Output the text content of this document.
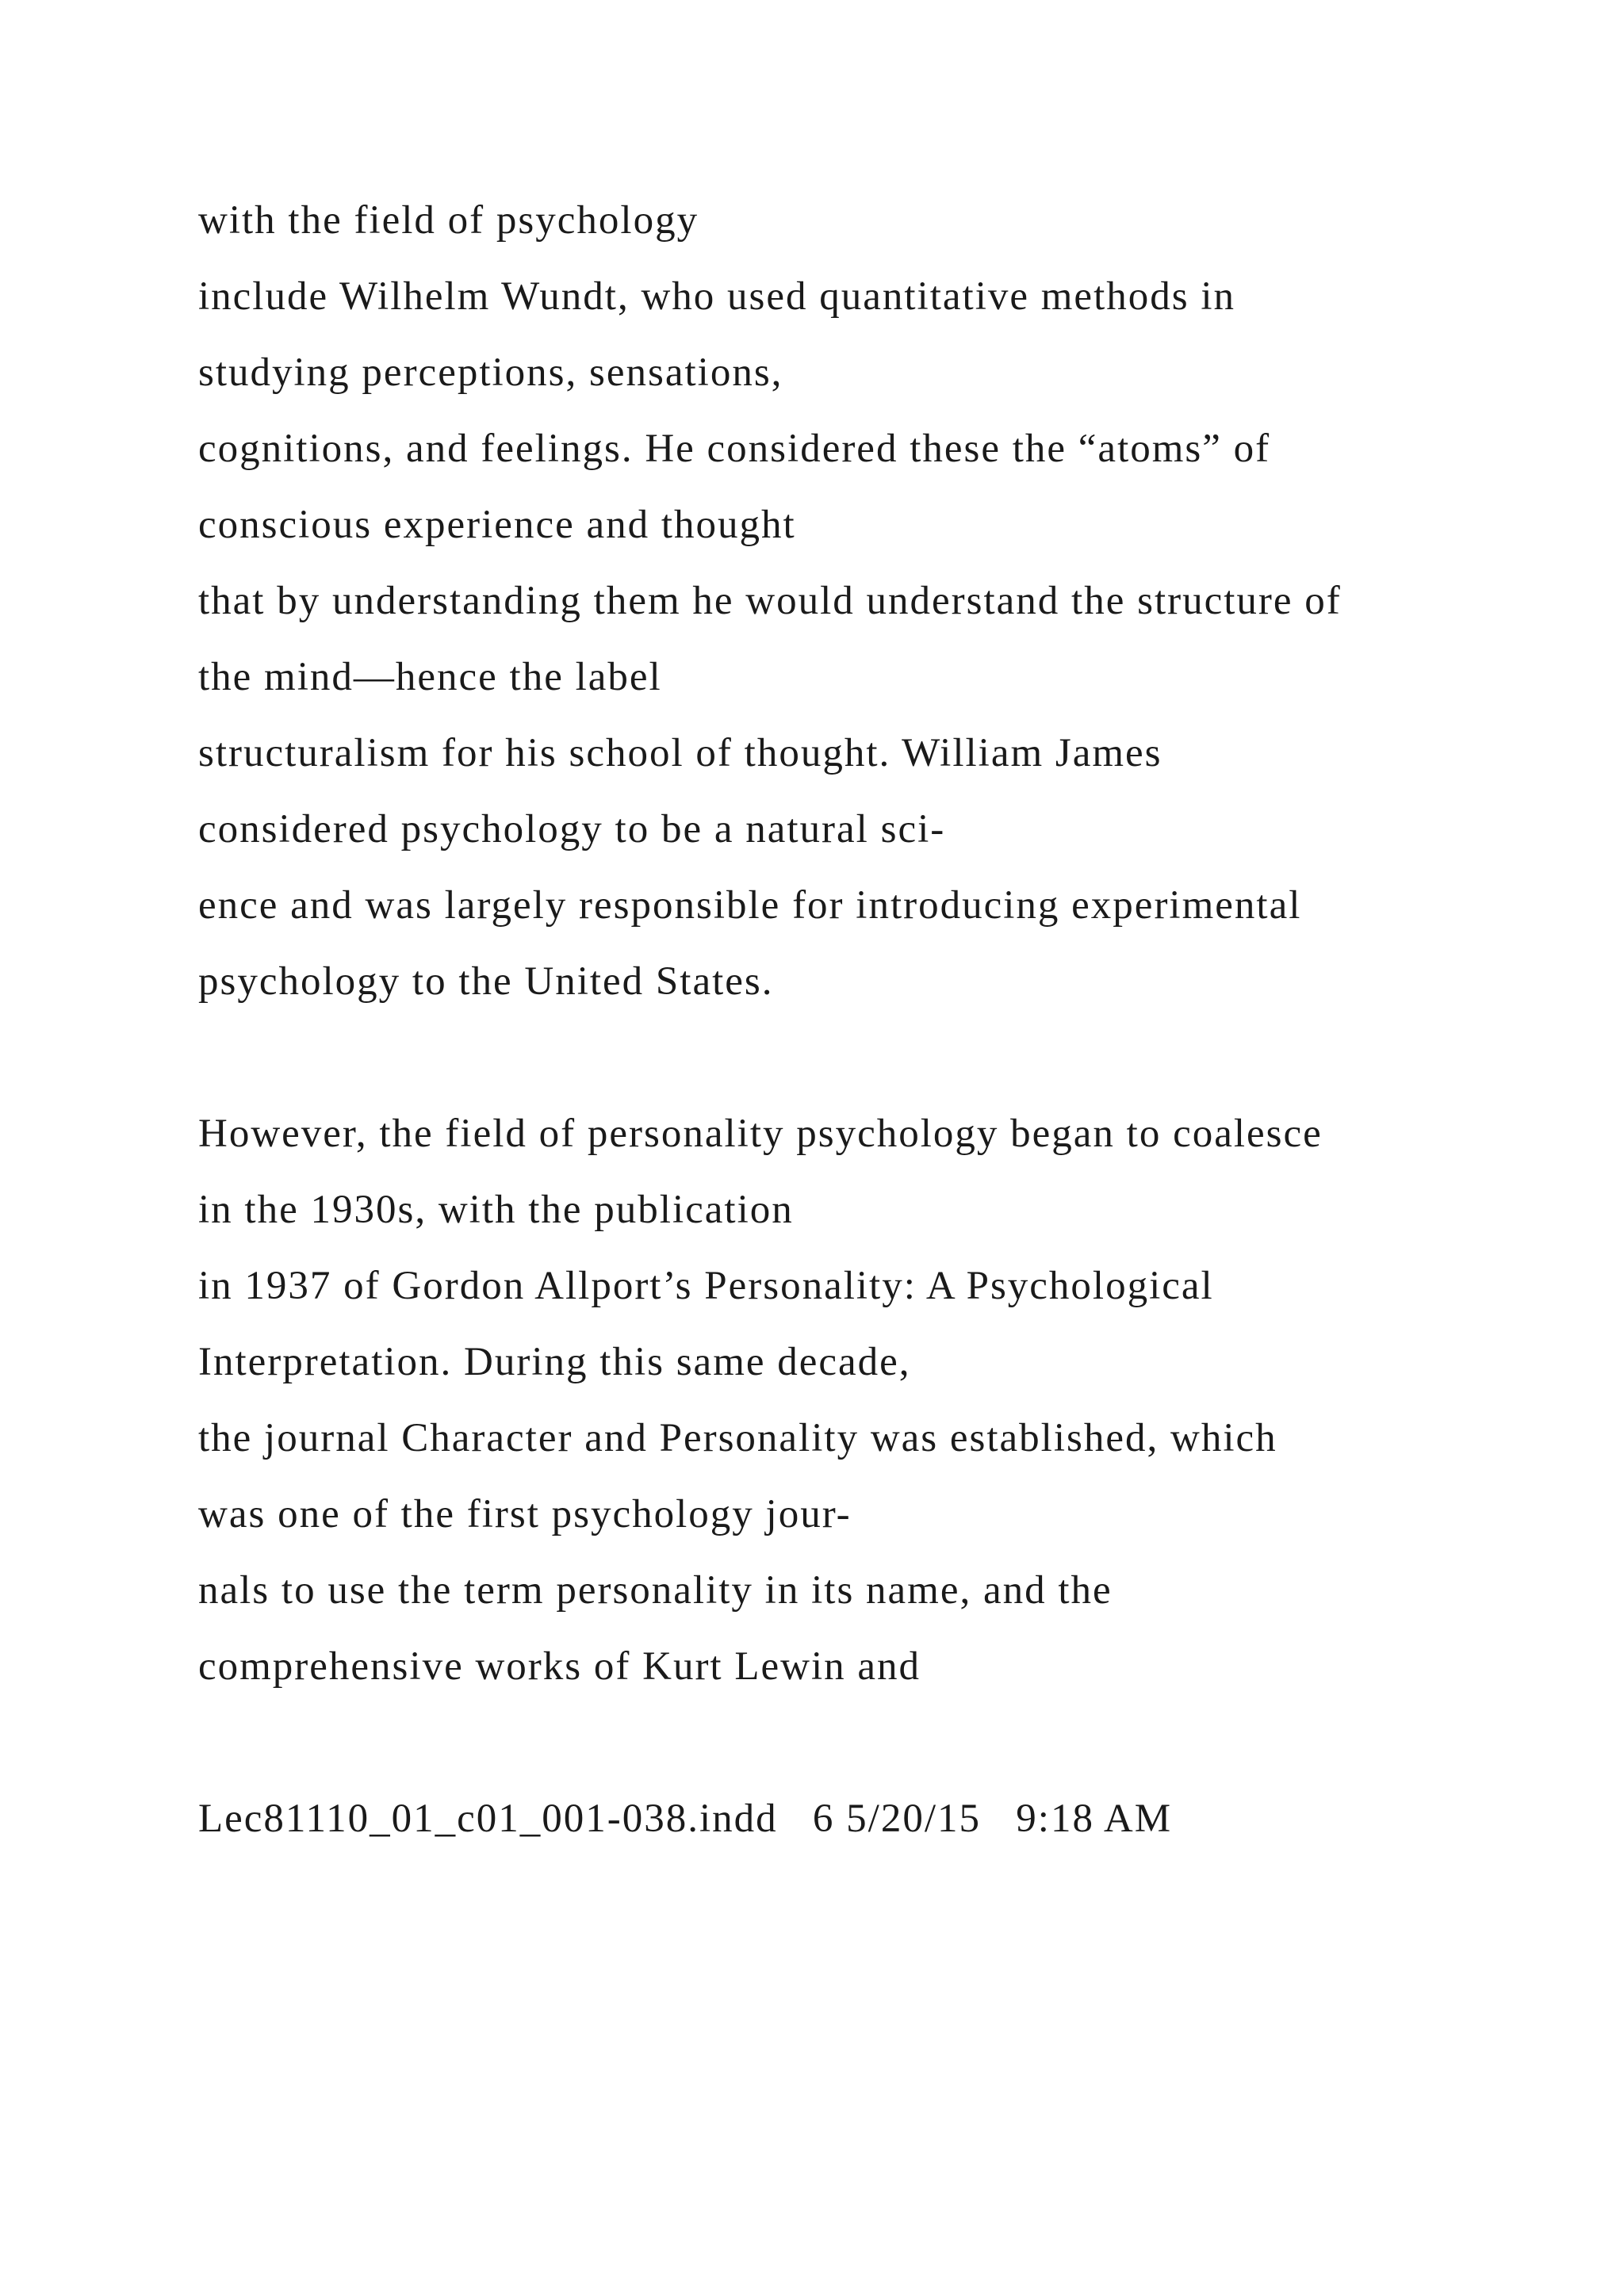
with the field of psychology
include Wilhelm Wundt, who used quantitative methods in
studying perceptions, sensations,
cognitions, and feelings. He considered these the “atoms” of
conscious experience and thought
that by understanding them he would understand the structure of
the mind—hence the label
structuralism for his school of thought. William James
considered psychology to be a natural sci-
ence and was largely responsible for introducing experimental
psychology to the United States.
However, the field of personality psychology began to coalesce
in the 1930s, with the publication
in 1937 of Gordon Allport’s Personality: A Psychological
Interpretation. During this same decade,
the journal Character and Personality was established, which
was one of the first psychology jour-
nals to use the term personality in its name, and the
comprehensive works of Kurt Lewin and
Lec81110_01_c01_001-038.indd   6 5/20/15   9:18 AM
